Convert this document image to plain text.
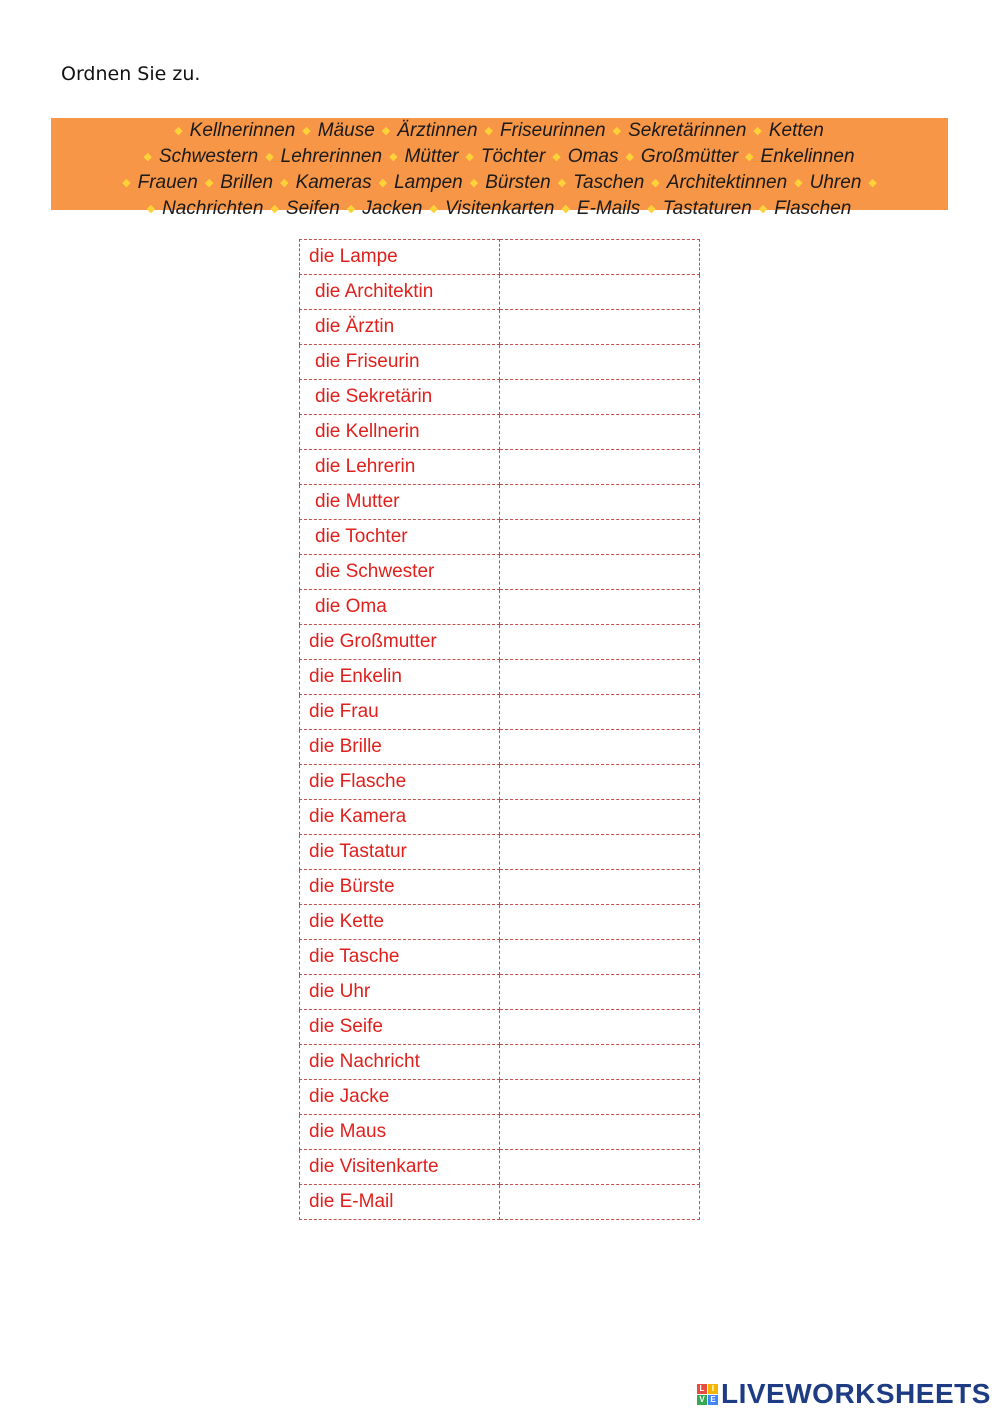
Ordnen Sie zu.
◆ Kellnerinnen ◆ Mäuse ◆ Ärztinnen ◆ Friseurinnen ◆ Sekretärinnen ◆ Ketten
◆ Schwestern ◆ Lehrerinnen ◆ Mütter ◆ Töchter ◆ Omas ◆ Großmütter ◆ Enkelinnen
◆ Frauen ◆ Brillen ◆ Kameras ◆ Lampen ◆ Bürsten ◆ Taschen ◆ Architektinnen ◆ Uhren ◆
◆ Nachrichten ◆ Seifen ◆ Jacken ◆ Visitenkarten ◆ E-Mails ◆ Tastaturen ◆ Flaschen
die Lampe	
die Architektin	
die Ärztin	
die Friseurin	
die Sekretärin	
die Kellnerin	
die Lehrerin	
die Mutter	
die Tochter	
die Schwester	
die Oma	
die Großmutter	
die Enkelin	
die Frau	
die Brille	
die Flasche	
die Kamera	
die Tastatur	
die Bürste	
die Kette	
die Tasche	
die Uhr	
die Seife	
die Nachricht	
die Jacke	
die Maus	
die Visitenkarte	
die E-Mail	
L I
V E LIVEWORKSHEETS
